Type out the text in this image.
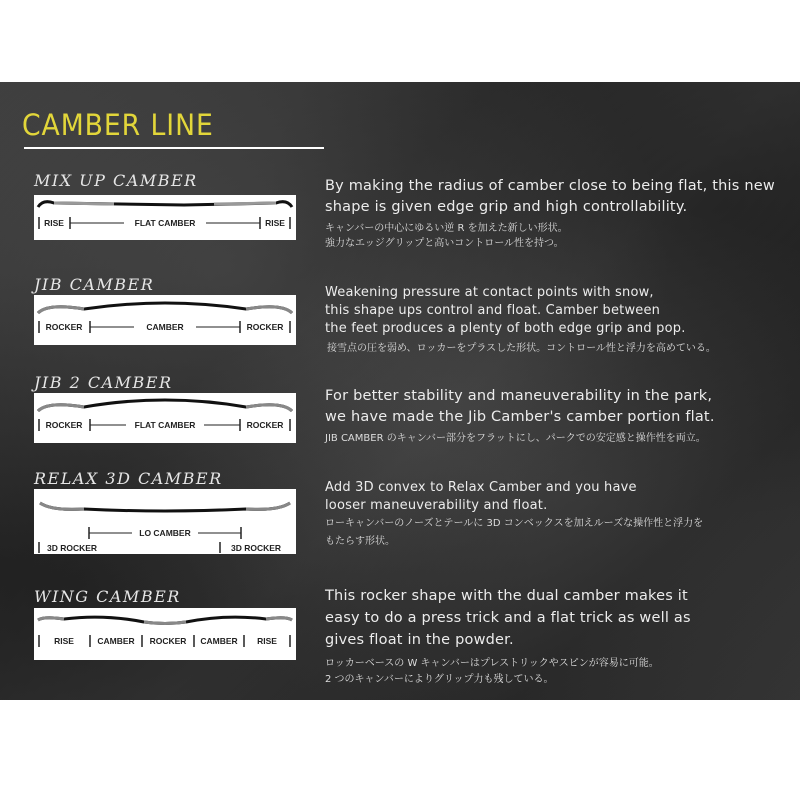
CAMBER LINE
MIX UP CAMBER
RISE	FLAT CAMBER	RISE
By making the radius of camber close to being flat, this new
shape is given edge grip and high controllability.
キャンバーの中心にゆるい逆 R を加えた新しい形状。
強力なエッジグリップと高いコントロール性を持つ。
JIB CAMBER
ROCKER	CAMBER	ROCKER
Weakening pressure at contact points with snow,
this shape ups control and float. Camber between
the feet produces a plenty of both edge grip and pop.
接雪点の圧を弱め、ロッカーをプラスした形状。コントロール性と浮力を高めている。
JIB 2 CAMBER
ROCKER	FLAT CAMBER	ROCKER
For better stability and maneuverability in the park,
we have made the Jib Camber's camber portion flat.
JIB CAMBER のキャンバー部分をフラットにし、パークでの安定感と操作性を両立。
RELAX 3D CAMBER
LO CAMBER
3D ROCKER	3D ROCKER
Add 3D convex to Relax Camber and you have
looser maneuverability and float.
ローキャンバーのノーズとテールに 3D コンベックスを加えルーズな操作性と浮力を
もたらす形状。
WING CAMBER
RISE	CAMBER ROCKER CAMBER RISE
This rocker shape with the dual camber makes it
easy to do a press trick and a flat trick as well as
gives float in the powder.
ロッカーベースの W キャンバーはプレストリックやスピンが容易に可能。
2 つのキャンバーによりグリップ力も残している。
